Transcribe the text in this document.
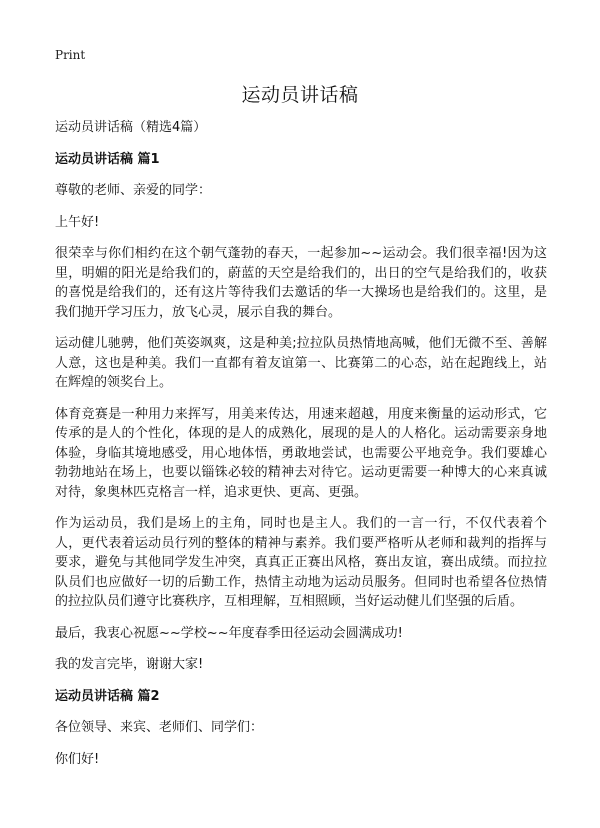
Print
运动员讲话稿

运动员讲话稿（精选4篇）

运动员讲话稿 篇1

尊敬的老师、亲爱的同学：

上午好!

很荣幸与你们相约在这个朝气蓬勃的春天，一起参加~~运动会。我们很幸福!因为这里，明媚的阳光是给我们的，蔚蓝的天空是给我们的，出日的空气是给我们的，收获的喜悦是给我们的，还有这片等待我们去邀话的华一大操场也是给我们的。这里，是我们抛开学习压力，放飞心灵，展示自我的舞台。

运动健儿驰骋，他们英姿飒爽，这是种美;拉拉队员热情地高喊，他们无微不至、善解人意，这也是种美。我们一直都有着友谊第一、比赛第二的心态，站在起跑线上，站在辉煌的领奖台上。

体育竞赛是一种用力来挥写，用美来传达，用速来超越，用度来衡量的运动形式，它传承的是人的个性化，体现的是人的成熟化，展现的是人的人格化。运动需要亲身地体验，身临其境地感受，用心地体悟，勇敢地尝试，也需要公平地竞争。我们要雄心勃勃地站在场上，也要以锱铢必较的精神去对待它。运动更需要一种博大的心来真诚对待，象奥林匹克格言一样，追求更快、更高、更强。

作为运动员，我们是场上的主角，同时也是主人。我们的一言一行，不仅代表着个人，更代表着运动员行列的整体的精神与素养。我们要严格听从老师和裁判的指挥与要求，避免与其他同学发生冲突，真真正正赛出风格，赛出友谊，赛出成绩。而拉拉队员们也应做好一切的后勤工作，热情主动地为运动员服务。但同时也希望各位热情的拉拉队员们遵守比赛秩序，互相理解，互相照顾，当好运动健儿们坚强的后盾。

最后，我衷心祝愿~~学校~~年度春季田径运动会圆满成功!

我的发言完毕，谢谢大家!

运动员讲话稿 篇2

各位领导、来宾、老师们、同学们：

你们好!
